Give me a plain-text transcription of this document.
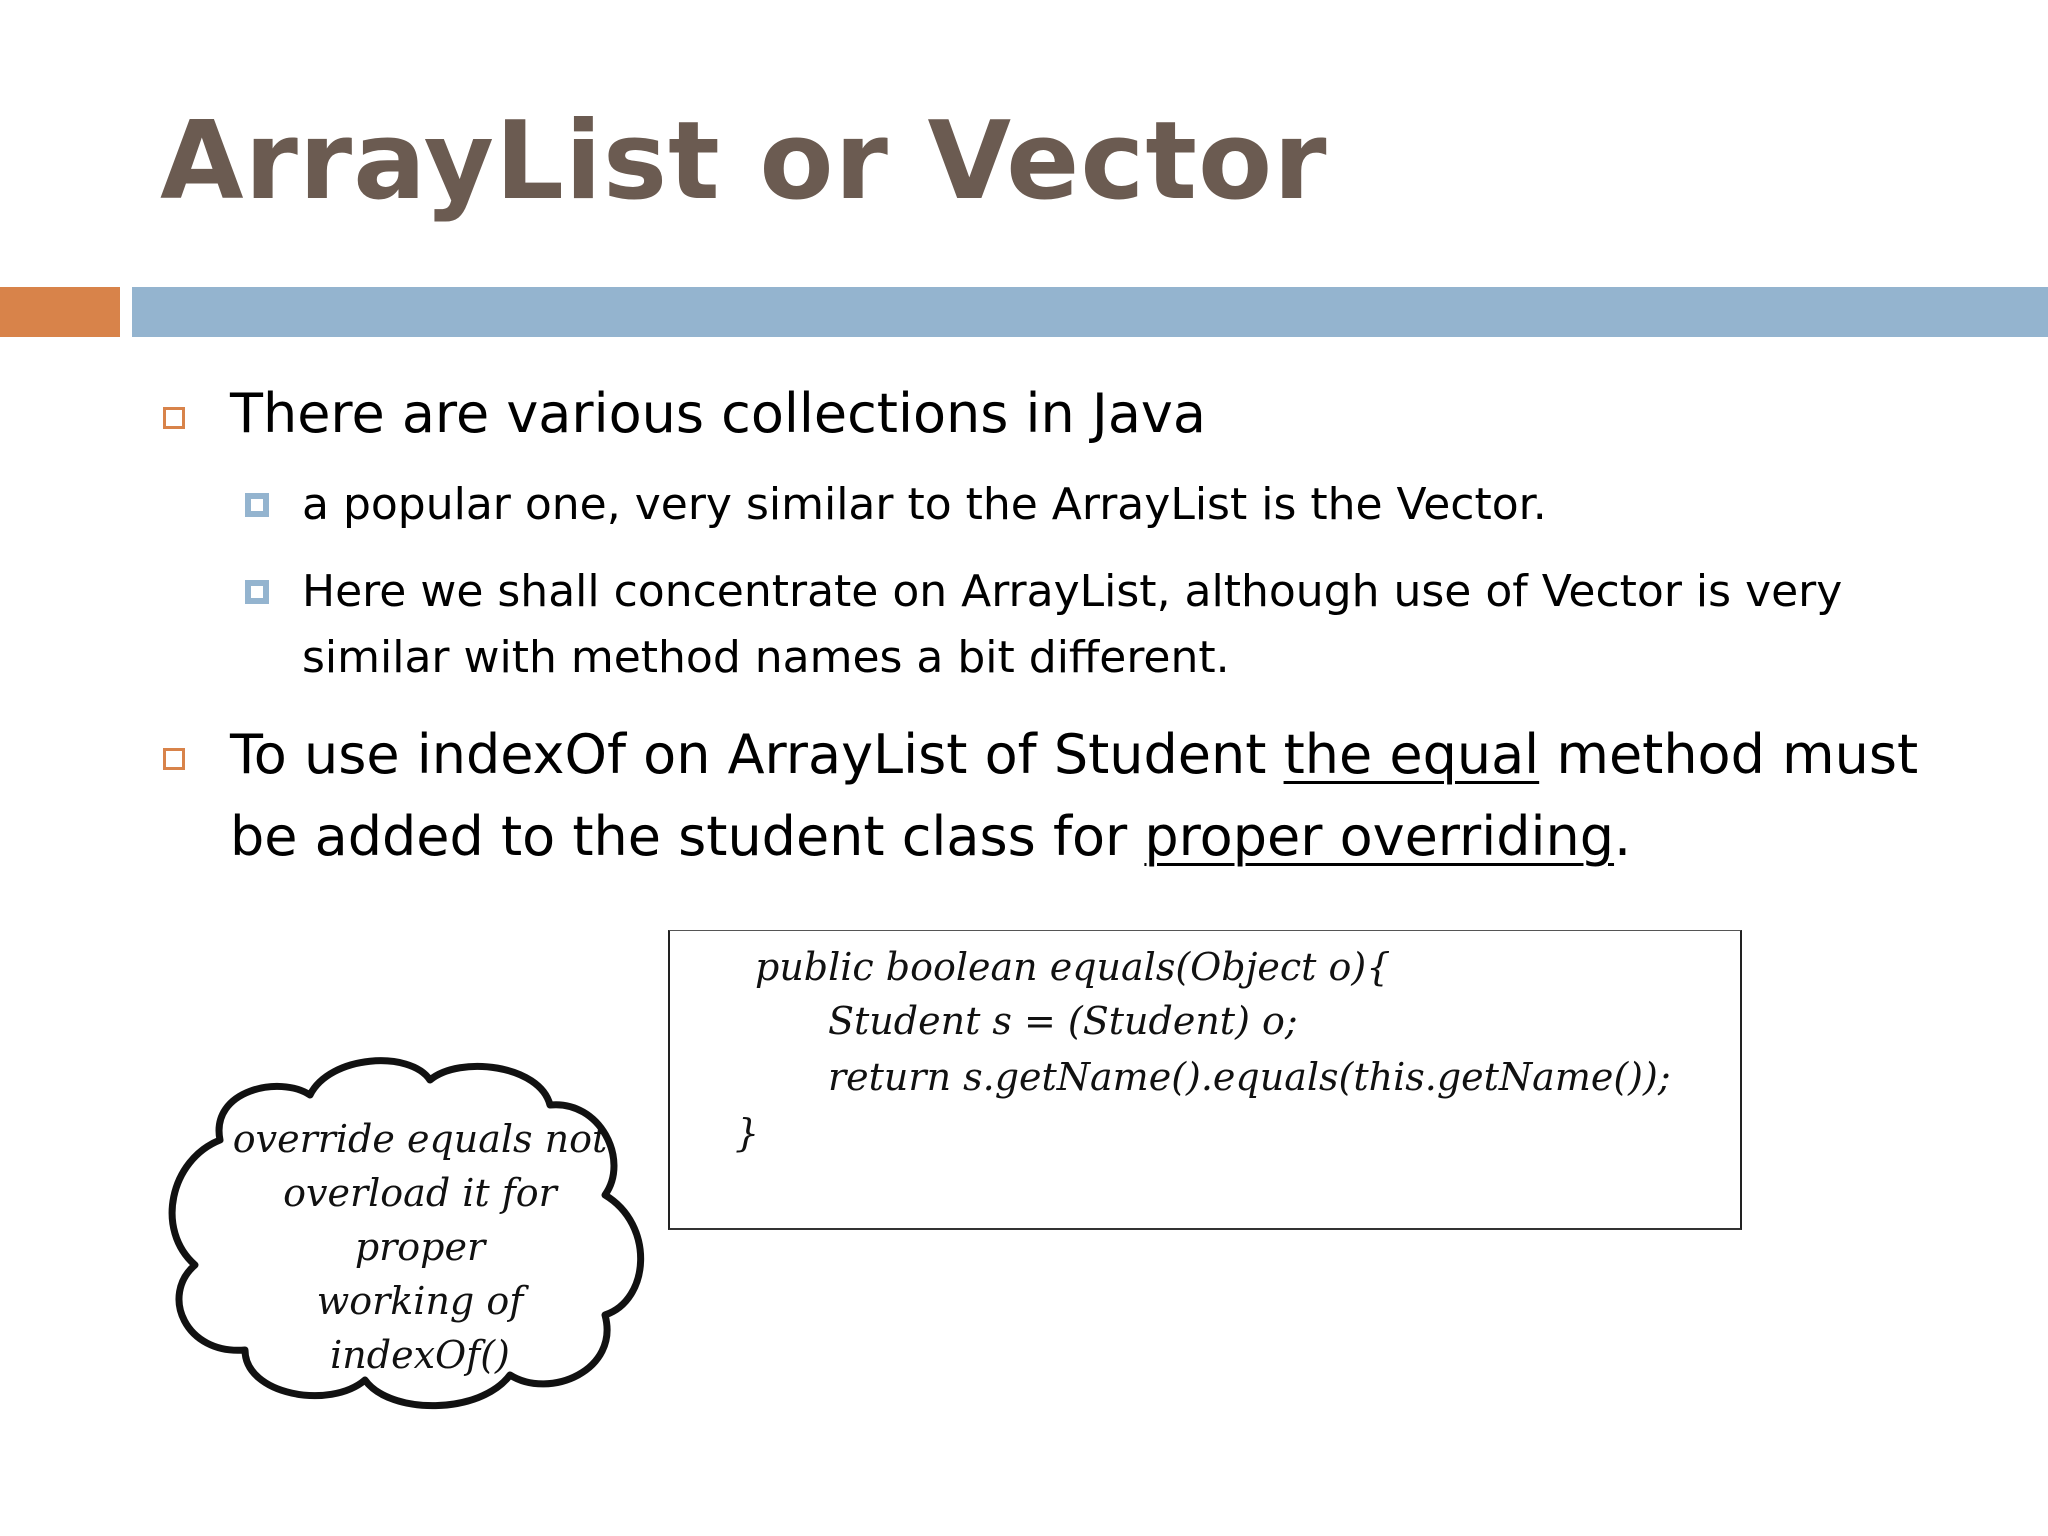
ArrayList or Vector
There are various collections in Java
a popular one, very similar to the ArrayList is the Vector.
Here we shall concentrate on ArrayList, although use of Vector is very
similar with method names a bit different.
To use indexOf on ArrayList of Student the equal method must
be added to the student class for proper overriding.
public boolean equals(Object o){
Student s = (Student) o;
return s.getName().equals(this.getName());
}
override equals not
overload it for proper
working of
indexOf()
